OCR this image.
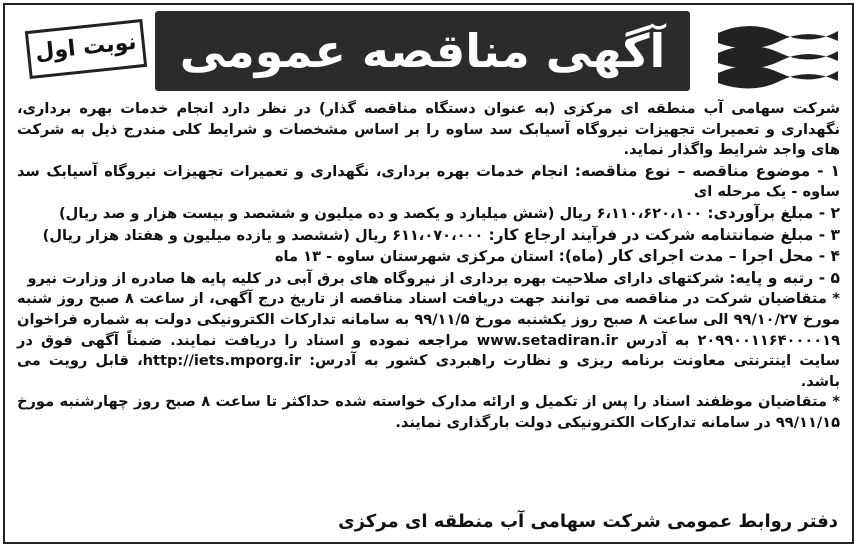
آگهی مناقصه عمومی
نوبت اول

شرکت سهامی آب منطقه ای مرکزی (به عنوان دستگاه مناقصه گذار) در نظر دارد انجام خدمات بهره برداری، نگهداری و تعمیرات تجهیزات نیروگاه آسیابک سد ساوه را بر اساس مشخصات و شرایط کلی مندرج ذیل به شرکت های واجد شرایط واگذار نماید.

۱ - موضوع مناقصه – نوع مناقصه: انجام خدمات بهره برداری، نگهداری و تعمیرات تجهیزات نیروگاه آسیابک سد ساوه - یک مرحله ای

۲ - مبلغ برآوردی: ۶،۱۱۰،۶۲۰،۱۰۰ ریال (شش میلیارد و یکصد و ده میلیون و ششصد و بیست هزار و صد ریال)

۳ - مبلغ ضمانتنامه شرکت در فرآیند ارجاع کار: ۶۱۱،۰۷۰،۰۰۰ ریال (ششصد و یازده میلیون و هفتاد هزار ریال)

۴ - محل اجرا – مدت اجرای کار (ماه): استان مرکزی شهرستان ساوه - ۱۳ ماه

۵ - رتبه و پایه: شرکتهای دارای صلاحیت بهره برداری از نیروگاه های برق آبی در کلیه پایه ها صادره از وزارت نیرو

* متقاضیان شرکت در مناقصه می توانند جهت دریافت اسناد مناقصه از تاریخ درج آگهی، از ساعت ۸ صبح روز شنبه مورخ ۹۹/۱۰/۲۷ الی ساعت ۸ صبح روز یکشنبه مورخ ۹۹/۱۱/۵ به سامانه تدارکات الکترونیکی دولت به شماره فراخوان ۲۰۹۹۰۰۱۱۶۴۰۰۰۰۱۹ به آدرس www.setadiran.ir مراجعه نموده و اسناد را دریافت نمایند. ضمناً آگهی فوق در سایت اینترنتی معاونت برنامه ریزی و نظارت راهبردی کشور به آدرس: http://iets.mporg.ir، قابل رویت می باشد.

* متقاضیان موظفند اسناد را پس از تکمیل و ارائه مدارک خواسته شده حداکثر تا ساعت ۸ صبح روز چهارشنبه مورخ ۹۹/۱۱/۱۵ در سامانه تدارکات الکترونیکی دولت بارگذاری نمایند.

دفتر روابط عمومی شرکت سهامی آب منطقه ای مرکزی
